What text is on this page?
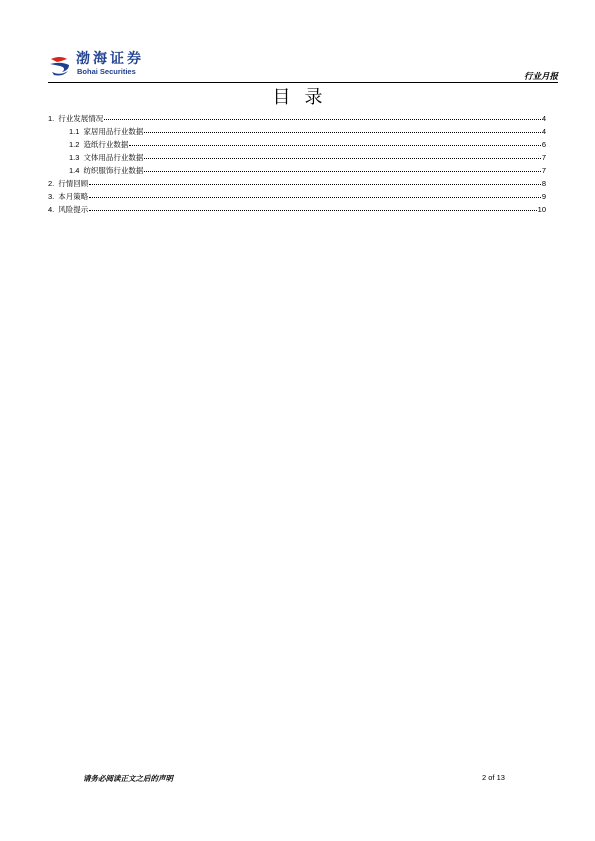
渤海证券
Bohai Securities
行业月报
目录
1. 行业发展情况	4
1.1 家居用品行业数据	4
1.2 造纸行业数据	6
1.3 文体用品行业数据	7
1.4 纺织服饰行业数据	7
2. 行情回顾	8
3. 本月策略	9
4. 风险提示	10
请务必阅读正文之后的声明	2 of 13
